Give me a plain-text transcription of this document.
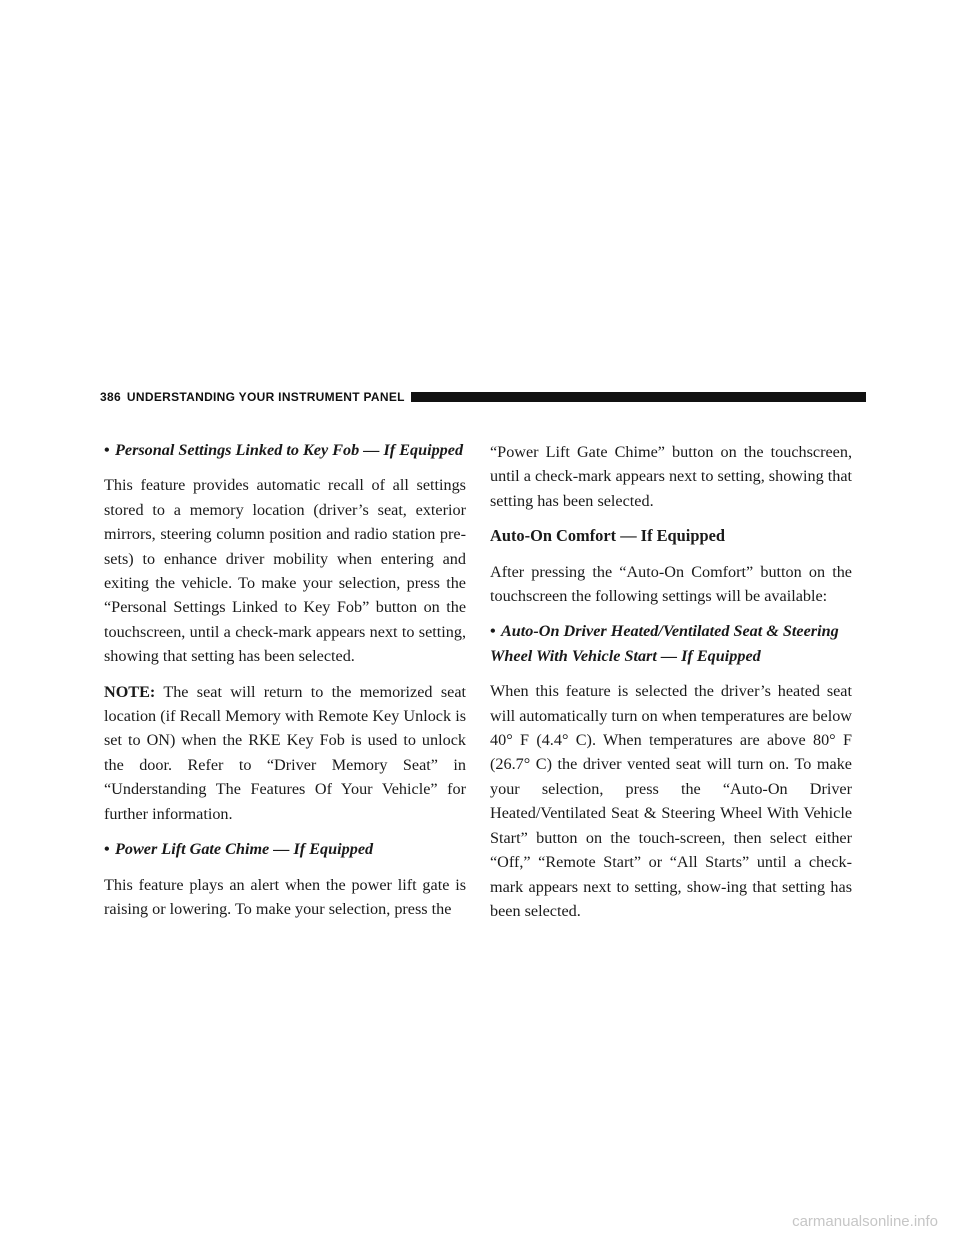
386 UNDERSTANDING YOUR INSTRUMENT PANEL

• Personal Settings Linked to Key Fob — If Equipped

This feature provides automatic recall of all settings stored to a memory location (driver’s seat, exterior mirrors, steering column position and radio station pre-sets) to enhance driver mobility when entering and exiting the vehicle. To make your selection, press the “Personal Settings Linked to Key Fob” button on the touchscreen, until a check-mark appears next to setting, showing that setting has been selected.

NOTE: The seat will return to the memorized seat location (if Recall Memory with Remote Key Unlock is set to ON) when the RKE Key Fob is used to unlock the door. Refer to “Driver Memory Seat” in “Understanding The Features Of Your Vehicle” for further information.

• Power Lift Gate Chime — If Equipped

This feature plays an alert when the power lift gate is raising or lowering. To make your selection, press the

“Power Lift Gate Chime” button on the touchscreen, until a check-mark appears next to setting, showing that setting has been selected.

Auto-On Comfort — If Equipped

After pressing the “Auto-On Comfort” button on the touchscreen the following settings will be available:

• Auto-On Driver Heated/Ventilated Seat & Steering Wheel With Vehicle Start — If Equipped

When this feature is selected the driver’s heated seat will automatically turn on when temperatures are below 40° F (4.4° C). When temperatures are above 80° F (26.7° C) the driver vented seat will turn on. To make your selection, press the “Auto-On Driver Heated/Ventilated Seat & Steering Wheel With Vehicle Start” button on the touch-screen, then select either “Off,” “Remote Start” or “All Starts” until a check-mark appears next to setting, show-ing that setting has been selected.

carmanualsonline.info
